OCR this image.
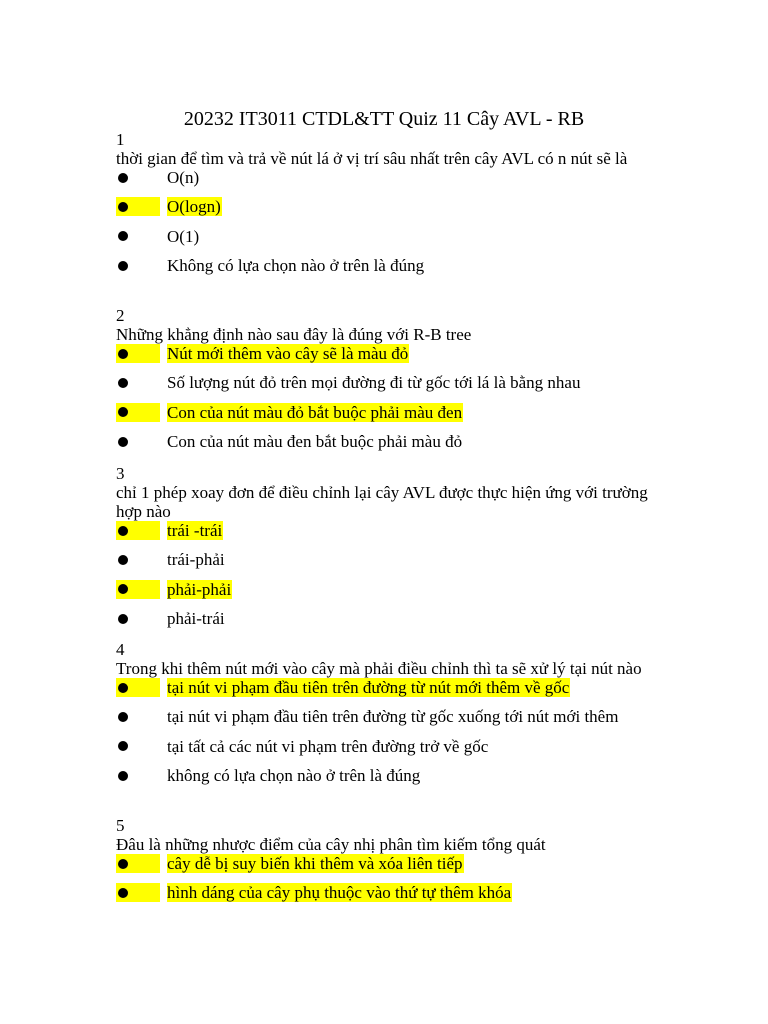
20232 IT3011 CTDL&TT Quiz 11 Cây AVL - RB
1
thời gian để tìm và trả về nút lá ở vị trí sâu nhất trên cây AVL có n nút sẽ là
O(n)
O(logn)
O(1)
Không có lựa chọn nào ở trên là đúng
2
Những khẳng định nào sau đây là đúng với R-B tree
Nút mới thêm vào cây sẽ là màu đỏ
Số lượng nút đỏ trên mọi đường đi từ gốc tới lá là bằng nhau
Con của nút màu đỏ bắt buộc phải màu đen
Con của nút màu đen bắt buộc phải màu đỏ
3
chỉ 1 phép xoay đơn để điều chỉnh lại cây AVL được thực hiện ứng với trường hợp nào
trái -trái
trái-phải
phải-phải
phải-trái
4
Trong khi thêm nút mới vào cây mà phải điều chỉnh thì ta sẽ xử lý tại nút nào
tại nút vi phạm đầu tiên trên đường từ nút mới thêm về gốc
tại nút vi phạm đầu tiên trên đường từ gốc xuống tới nút mới thêm
tại tất cả các nút vi phạm trên đường trở về gốc
không có lựa chọn nào ở trên là đúng
5
Đâu là những nhược điểm của cây nhị phân tìm kiếm tổng quát
cây dễ bị suy biến khi thêm và xóa liên tiếp
hình dáng của cây phụ thuộc vào thứ tự thêm khóa
